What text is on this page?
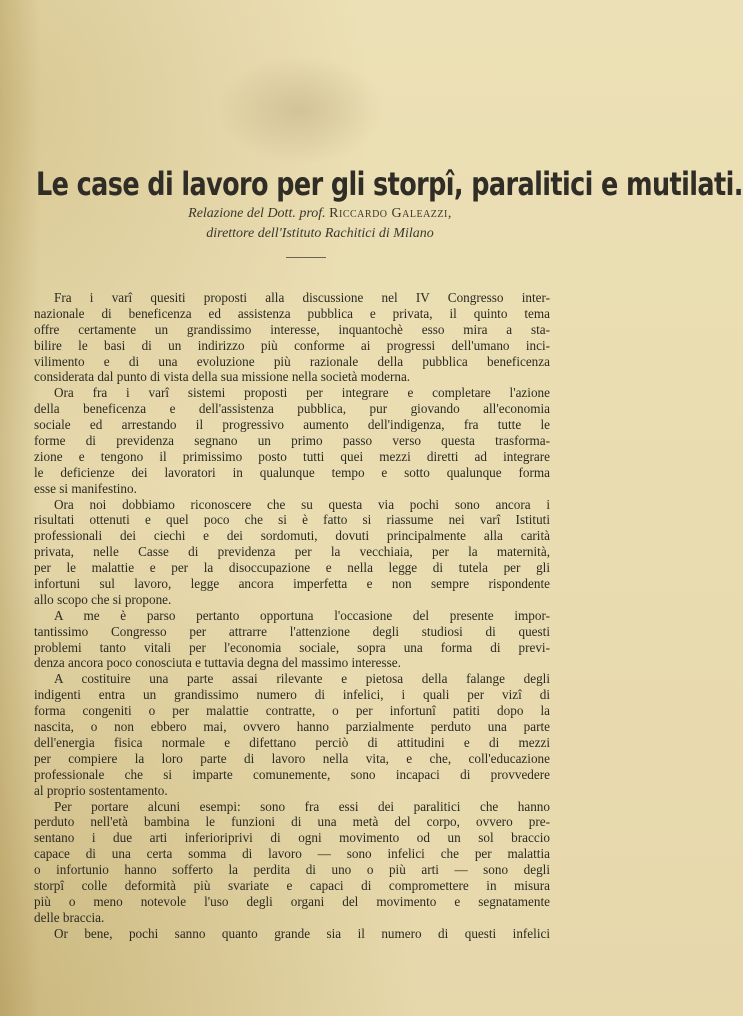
Le case di lavoro per gli storpî, paralitici e mutilati.
Relazione del Dott. prof. Riccardo Galeazzi,
direttore dell'Istituto Rachitici di Milano
Fra i varî quesiti proposti alla discussione nel IV Congresso inter-
nazionale di beneficenza ed assistenza pubblica e privata, il quinto tema
offre certamente un grandissimo interesse, inquantochè esso mira a sta-
bilire le basi di un indirizzo più conforme ai progressi dell'umano inci-
vilimento e di una evoluzione più razionale della pubblica beneficenza
considerata dal punto di vista della sua missione nella società moderna.
Ora fra i varî sistemi proposti per integrare e completare l'azione
della beneficenza e dell'assistenza pubblica, pur giovando all'economia
sociale ed arrestando il progressivo aumento dell'indigenza, fra tutte le
forme di previdenza segnano un primo passo verso questa trasforma-
zione e tengono il primissimo posto tutti quei mezzi diretti ad integrare
le deficienze dei lavoratori in qualunque tempo e sotto qualunque forma
esse si manifestino.
Ora noi dobbiamo riconoscere che su questa via pochi sono ancora i
risultati ottenuti e quel poco che si è fatto si riassume nei varî Istituti
professionali dei ciechi e dei sordomuti, dovuti principalmente alla carità
privata, nelle Casse di previdenza per la vecchiaia, per la maternità,
per le malattie e per la disoccupazione e nella legge di tutela per gli
infortuni sul lavoro, legge ancora imperfetta e non sempre rispondente
allo scopo che si propone.
A me è parso pertanto opportuna l'occasione del presente impor-
tantissimo Congresso per attrarre l'attenzione degli studiosi di questi
problemi tanto vitali per l'economia sociale, sopra una forma di previ-
denza ancora poco conosciuta e tuttavia degna del massimo interesse.
A costituire una parte assai rilevante e pietosa della falange degli
indigenti entra un grandissimo numero di infelici, i quali per vizî di
forma congeniti o per malattie contratte, o per infortunî patiti dopo la
nascita, o non ebbero mai, ovvero hanno parzialmente perduto una parte
dell'energia fisica normale e difettano perciò di attitudini e di mezzi
per compiere la loro parte di lavoro nella vita, e che, coll'educazione
professionale che si imparte comunemente, sono incapaci di provvedere
al proprio sostentamento.
Per portare alcuni esempi: sono fra essi dei paralitici che hanno
perduto nell'età bambina le funzioni di una metà del corpo, ovvero pre-
sentano i due arti inferioriprivi di ogni movimento od un sol braccio
capace di una certa somma di lavoro — sono infelici che per malattia
o infortunio hanno sofferto la perdita di uno o più arti — sono degli
storpî colle deformità più svariate e capaci di compromettere in misura
più o meno notevole l'uso degli organi del movimento e segnatamente
delle braccia.
Or bene, pochi sanno quanto grande sia il numero di questi infelici
